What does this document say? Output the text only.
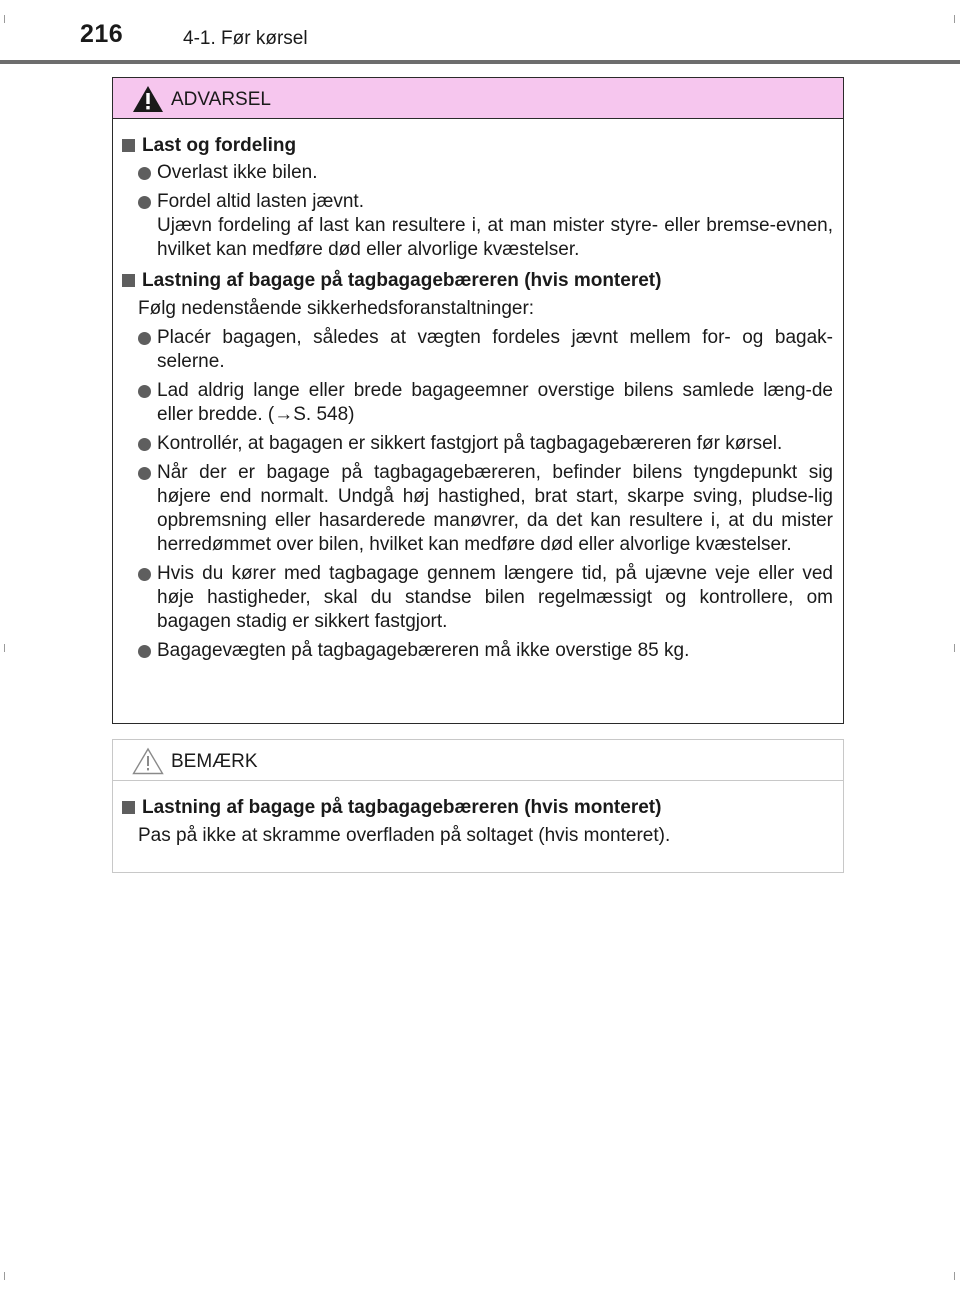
216	4-1. Før kørsel
ADVARSEL
Last og fordeling
Overlast ikke bilen.
Fordel altid lasten jævnt.
Ujævn fordeling af last kan resultere i, at man mister styre- eller bremse-evnen, hvilket kan medføre død eller alvorlige kvæstelser.
Lastning af bagage på tagbagagebæreren (hvis monteret)
Følg nedenstående sikkerhedsforanstaltninger:
Placér bagagen, således at vægten fordeles jævnt mellem for- og bagak-selerne.
Lad aldrig lange eller brede bagageemner overstige bilens samlede læng-de eller bredde. (→S. 548)
Kontrollér, at bagagen er sikkert fastgjort på tagbagagebæreren før kørsel.
Når der er bagage på tagbagagebæreren, befinder bilens tyngdepunkt sig højere end normalt. Undgå høj hastighed, brat start, skarpe sving, pludse-lig opbremsning eller hasarderede manøvrer, da det kan resultere i, at du mister herredømmet over bilen, hvilket kan medføre død eller alvorlige kvæstelser.
Hvis du kører med tagbagage gennem længere tid, på ujævne veje eller ved høje hastigheder, skal du standse bilen regelmæssigt og kontrollere, om bagagen stadig er sikkert fastgjort.
Bagagevægten på tagbagagebæreren må ikke overstige 85 kg.
BEMÆRK
Lastning af bagage på tagbagagebæreren (hvis monteret)
Pas på ikke at skramme overfladen på soltaget (hvis monteret).
